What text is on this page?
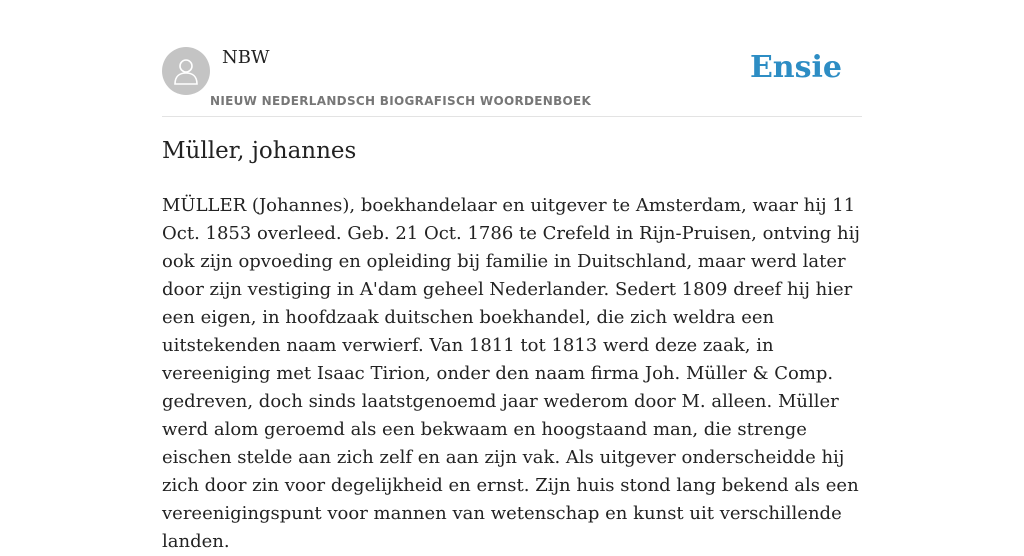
NBW
NIEUW NEDERLANDSCH BIOGRAFISCH WOORDENBOEK
Ensie
Müller, johannes

MÜLLER (Johannes), boekhandelaar en uitgever te Amsterdam, waar hij 11 Oct. 1853 overleed. Geb. 21 Oct. 1786 te Crefeld in Rijn-Pruisen, ontving hij ook zijn opvoeding en opleiding bij familie in Duitschland, maar werd later door zijn vestiging in A'dam geheel Nederlander. Sedert 1809 dreef hij hier een eigen, in hoofdzaak duitschen boekhandel, die zich weldra een uitstekenden naam verwierf. Van 1811 tot 1813 werd deze zaak, in vereeniging met Isaac Tirion, onder den naam firma Joh. Müller & Comp. gedreven, doch sinds laatstgenoemd jaar wederom door M. alleen. Müller werd alom geroemd als een bekwaam en hoogstaand man, die strenge eischen stelde aan zich zelf en aan zijn vak. Als uitgever onderscheidde hij zich door zin voor degelijkheid en ernst. Zijn huis stond lang bekend als een vereenigingspunt voor mannen van wetenschap en kunst uit verschillende landen.
